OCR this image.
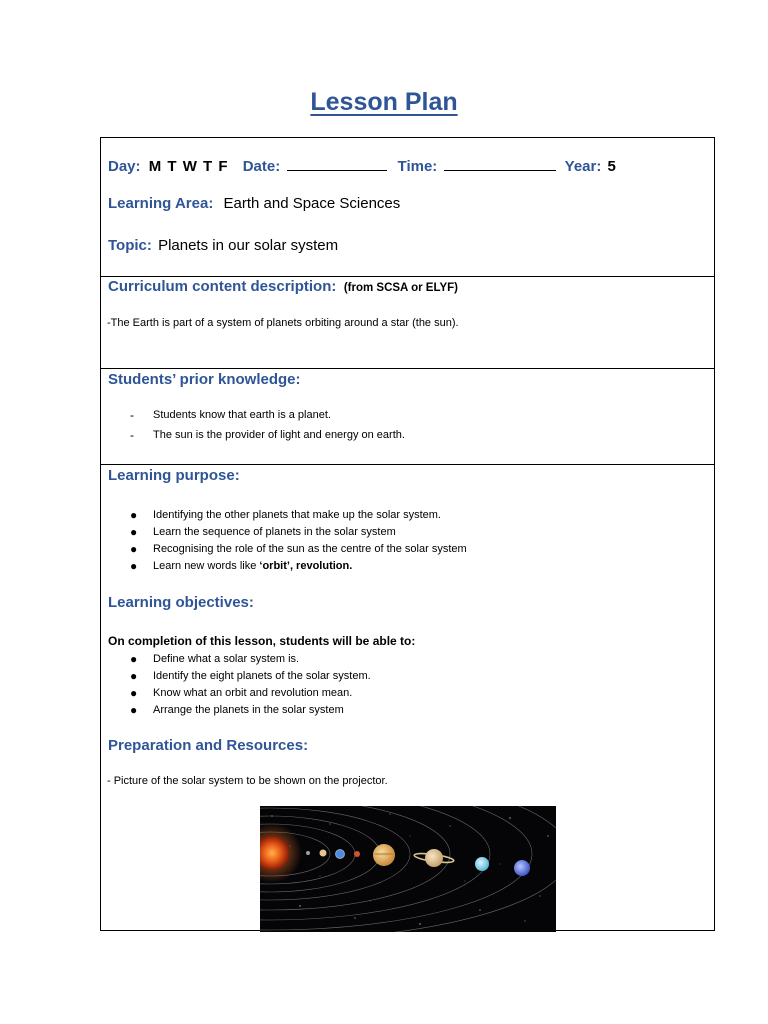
Lesson Plan
Day: M T W T F Date:	Time:	Year: 5
Learning Area: Earth and Space Sciences
Topic: Planets in our solar system
Curriculum content description: (from SCSA or ELYF)
-The Earth is part of a system of planets orbiting around a star (the sun).
Students’ prior knowledge:
- Students know that earth is a planet.
- The sun is the provider of light and energy on earth.
Learning purpose:
● Identifying the other planets that make up the solar system.
● Learn the sequence of planets in the solar system
● Recognising the role of the sun as the centre of the solar system
● Learn new words like ‘orbit’, revolution.
Learning objectives:
On completion of this lesson, students will be able to:
● Define what a solar system is.
● Identify the eight planets of the solar system.
● Know what an orbit and revolution mean.
● Arrange the planets in the solar system
Preparation and Resources:
- Picture of the solar system to be shown on the projector.
